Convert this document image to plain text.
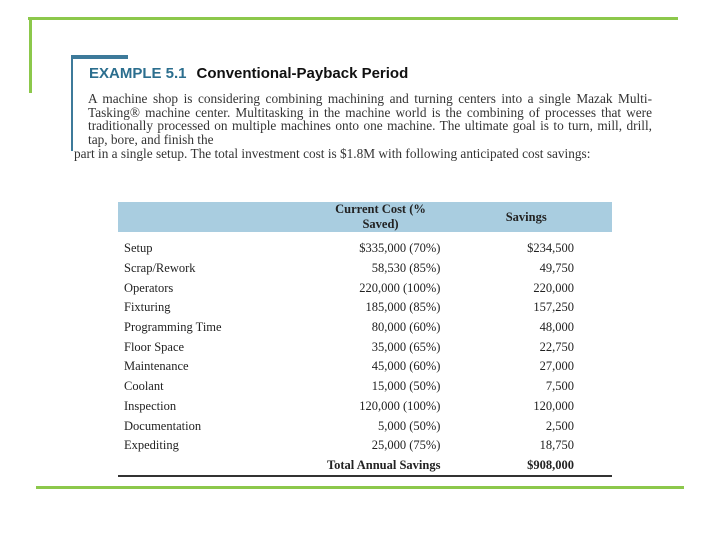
EXAMPLE 5.1 Conventional-Payback Period

A machine shop is considering combining machining and turning centers into a single Mazak Multi-Tasking® machine center. Multitasking in the machine world is the combining of processes that were traditionally processed on multiple machines onto one machine. The ultimate goal is to turn, mill, drill, tap, bore, and finish the

part in a single setup. The total investment cost is $1.8M with following anticipated cost savings:

	Current Cost (% Saved)	Savings
Setup	$335,000 (70%)	$234,500
Scrap/Rework	58,530 (85%)	49,750
Operators	220,000 (100%)	220,000
Fixturing	185,000 (85%)	157,250
Programming Time	80,000 (60%)	48,000
Floor Space	35,000 (65%)	22,750
Maintenance	45,000 (60%)	27,000
Coolant	15,000 (50%)	7,500
Inspection	120,000 (100%)	120,000
Documentation	5,000 (50%)	2,500
Expediting	25,000 (75%)	18,750
	Total Annual Savings	$908,000
